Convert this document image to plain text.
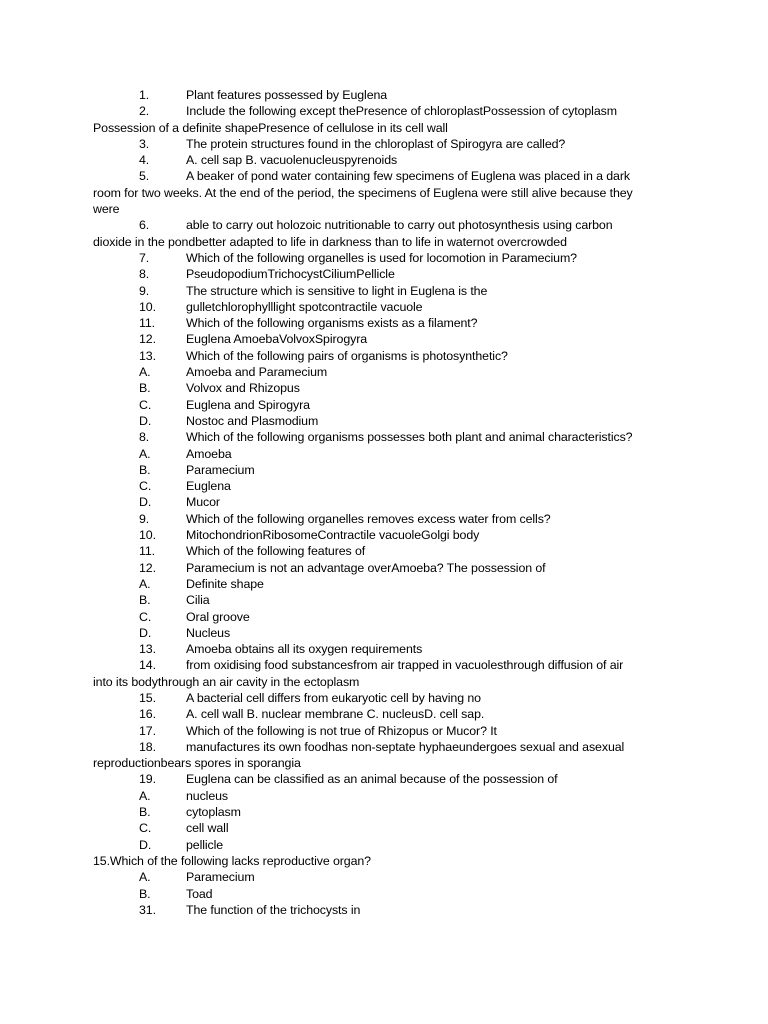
1.	Plant features possessed by Euglena
2.	Include the following except thePresence of chloroplastPossession of cytoplasm
Possession of a definite shapePresence of cellulose in its cell wall
3.	The protein structures found in the chloroplast of Spirogyra are called?
4.	A. cell sap B. vacuolenucleuspyrenoids
5.	A beaker of pond water containing few specimens of Euglena was placed in a dark
room for two weeks. At the end of the period, the specimens of Euglena were still alive because they
were
6.	able to carry out holozoic nutritionable to carry out photosynthesis using carbon
dioxide in the pondbetter adapted to life in darkness than to life in waternot overcrowded
7.	Which of the following organelles is used for locomotion in Paramecium?
8.	PseudopodiumTrichocystCiliumPellicle
9.	The structure which is sensitive to light in Euglena is the
10. gulletchlorophylllight spotcontractile vacuole
11. Which of the following organisms exists as a filament?
12. Euglena AmoebaVolvoxSpirogyra
13. Which of the following pairs of organisms is photosynthetic?
A.	Amoeba and Paramecium
B.	Volvox and Rhizopus
C.	Euglena and Spirogyra
D.	Nostoc and Plasmodium
8.	Which of the following organisms possesses both plant and animal characteristics?
A.	Amoeba
B.	Paramecium
C.	Euglena
D.	Mucor
9.	Which of the following organelles removes excess water from cells?
10. MitochondrionRibosomeContractile vacuoleGolgi body
11. Which of the following features of
12. Paramecium is not an advantage overAmoeba? The possession of
A.	Definite shape
B.	Cilia
C.	Oral groove
D.	Nucleus
13. Amoeba obtains all its oxygen requirements
14. from oxidising food substancesfrom air trapped in vacuolesthrough diffusion of air
into its bodythrough an air cavity in the ectoplasm
15. A bacterial cell differs from eukaryotic cell by having no
16. A. cell wall B. nuclear membrane C. nucleusD. cell sap.
17. Which of the following is not true of Rhizopus or Mucor? It
18. manufactures its own foodhas non-septate hyphaeundergoes sexual and asexual
reproductionbears spores in sporangia
19. Euglena can be classified as an animal because of the possession of
A.	nucleus
B.	cytoplasm
C.	cell wall
D.	pellicle
15.Which of the following lacks reproductive organ?
A.	Paramecium
B.	Toad
31. The function of the trichocysts in
